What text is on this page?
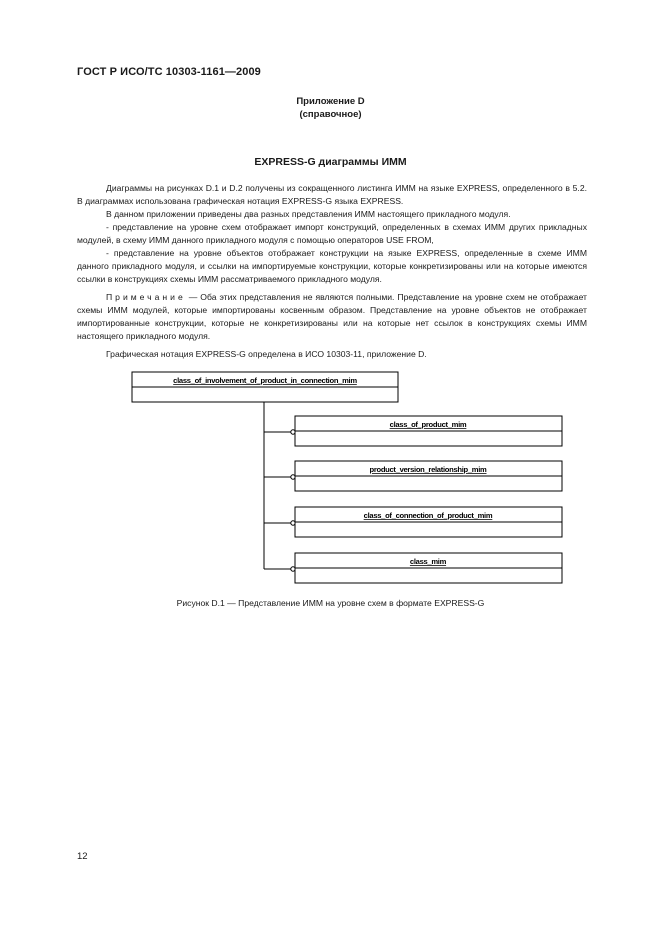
ГОСТ Р ИСО/ТС 10303-1161—2009
Приложение D
(справочное)
EXPRESS-G диаграммы ИММ

Диаграммы на рисунках D.1 и D.2 получены из сокращенного листинга ИММ на языке EXPRESS, определенного в 5.2. В диаграммах использована графическая нотация EXPRESS-G языка EXPRESS.

В данном приложении приведены два разных представления ИММ настоящего прикладного модуля.

- представление на уровне схем отображает импорт конструкций, определенных в схемах ИММ других прикладных модулей, в схему ИММ данного прикладного модуля с помощью операторов USE FROM,

- представление на уровне объектов отображает конструкции на языке EXPRESS, определенные в схеме ИММ данного прикладного модуля, и ссылки на импортируемые конструкции, которые конкретизированы или на которые имеются ссылки в конструкциях схемы ИММ рассматриваемого прикладного модуля.

Примечание — Оба этих представления не являются полными. Представление на уровне схем не отображает схемы ИММ модулей, которые импортированы косвенным образом. Представление на уровне объектов не отображает импортированные конструкции, которые не конкретизированы или на которые нет ссылок в конструкциях схемы ИММ настоящего прикладного модуля.

Графическая нотация EXPRESS-G определена в ИСО 10303-11, приложение D.

class_of_involvement_of_product_in_connection_mim
class_of_product_mim
product_version_relationship_mim
class_of_connection_of_product_mim
class_mim
Рисунок D.1 — Представление ИММ на уровне схем в формате EXPRESS-G
12
